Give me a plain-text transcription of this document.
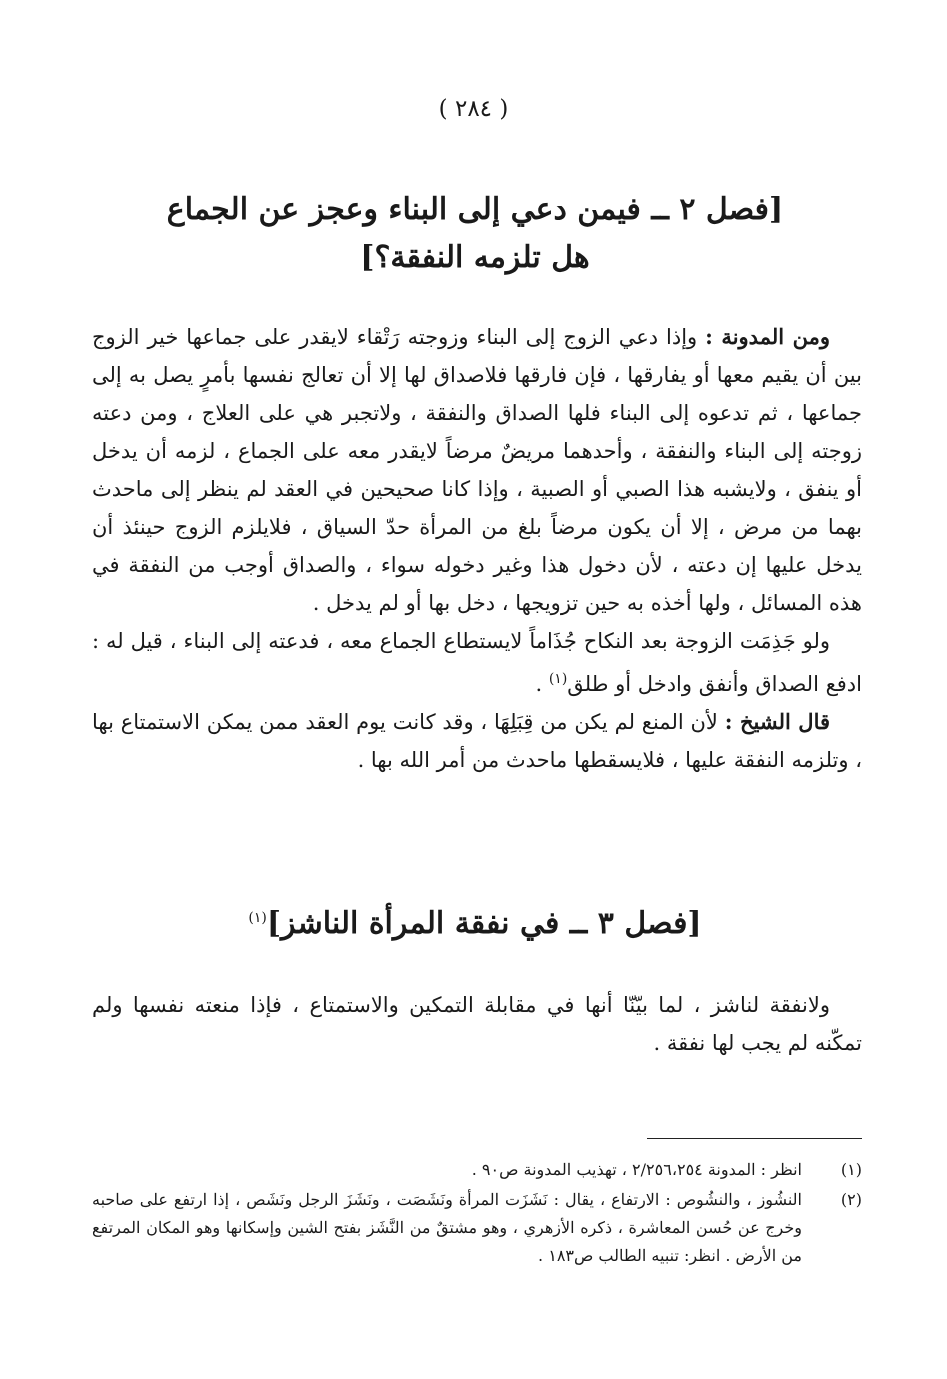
( ٢٨٤ )
[فصل ٢ ــ فيمن دعي إلى البناء وعجز عن الجماع
هل تلزمه النفقة؟]

ومن المدونة : وإذا دعي الزوج إلى البناء وزوجته رَتْقاء لايقدر على جماعها خير الزوج بين أن يقيم معها أو يفارقها ، فإن فارقها فلاصداق لها إلا أن تعالج نفسها بأمرٍ يصل به إلى جماعها ، ثم تدعوه إلى البناء فلها الصداق والنفقة ، ولاتجبر هي على العلاج ، ومن دعته زوجته إلى البناء والنفقة ، وأحدهما مريضٌ مرضاً لايقدر معه على الجماع ، لزمه أن يدخل أو ينفق ، ولايشبه هذا الصبي أو الصبية ، وإذا كانا صحيحين في العقد لم ينظر إلى ماحدث بهما من مرض ، إلا أن يكون مرضاً بلغ من المرأة حدّ السياق ، فلايلزم الزوج حينئذ أن يدخل عليها إن دعته ، لأن دخول هذا وغير دخوله سواء ، والصداق أوجب من النفقة في هذه المسائل ، ولها أخذه به حين تزويجها ، دخل بها أو لم يدخل .

ولو جَذِمَت الزوجة بعد النكاح جُذَاماً لايستطاع الجماع معه ، فدعته إلى البناء ، قيل له : ادفع الصداق وأنفق وادخل أو طلق$^{(١)}$ .

قال الشيخ : لأن المنع لم يكن من قِبَلِهَا ، وقد كانت يوم العقد ممن يمكن الاستمتاع بها ، وتلزمه النفقة عليها ، فلايسقطها ماحدث من أمر الله بها .

[فصل ٣ ــ في نفقة المرأة الناشز]$^{(١)}$

ولانفقة لناشز ، لما بيّنّا أنها في مقابلة التمكين والاستمتاع ، فإذا منعته نفسها ولم تمكّنه لم يجب لها نفقة .

(١)
انظر : المدونة ٢/٢٥٦،٢٥٤ ، تهذيب المدونة ص٩٠ .
(٢)
النشُوز ، والنشُوص : الارتفاع ، يقال : نَشَزَت المرأة ونَشَصَت ، ونَشَزَ الرجل ونَشَص ، إذا ارتفع على صاحبه وخرج عن حُسن المعاشرة ، ذكره الأزهري ، وهو مشتقٌ من النَّشَز بفتح الشين وإسكانها وهو المكان المرتفع من الأرض . انظر: تنبيه الطالب ص١٨٣ .
